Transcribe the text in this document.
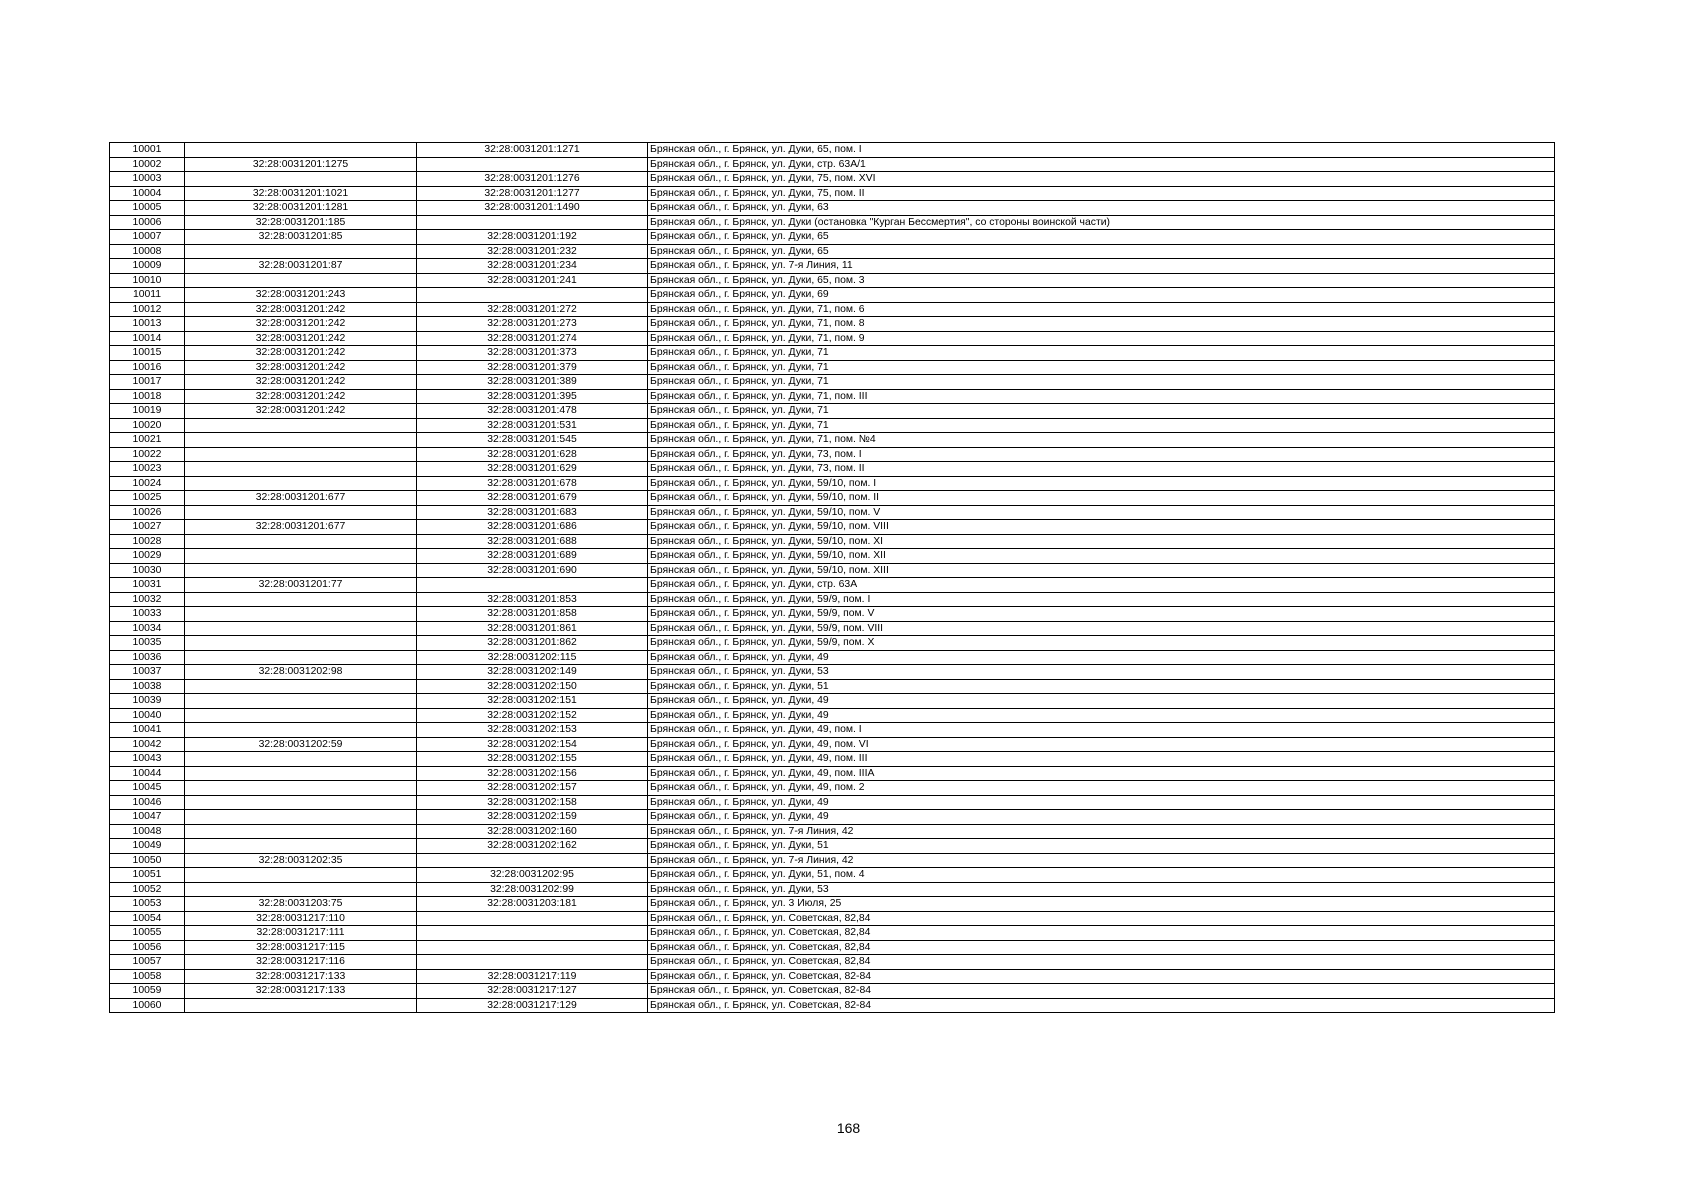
10001		32:28:0031201:1271	Брянская обл., г. Брянск, ул. Дуки, 65, пом. I
10002	32:28:0031201:1275		Брянская обл., г. Брянск, ул. Дуки, стр. 63А/1
10003		32:28:0031201:1276	Брянская обл., г. Брянск, ул. Дуки, 75, пом. XVI
10004	32:28:0031201:1021	32:28:0031201:1277	Брянская обл., г. Брянск, ул. Дуки, 75, пом. II
10005	32:28:0031201:1281	32:28:0031201:1490	Брянская обл., г. Брянск, ул. Дуки, 63
10006	32:28:0031201:185		Брянская обл., г. Брянск, ул. Дуки (остановка "Курган Бессмертия", со стороны воинской части)
10007	32:28:0031201:85	32:28:0031201:192	Брянская обл., г. Брянск, ул. Дуки, 65
10008		32:28:0031201:232	Брянская обл., г. Брянск, ул. Дуки, 65
10009	32:28:0031201:87	32:28:0031201:234	Брянская обл., г. Брянск, ул. 7-я Линия, 11
10010		32:28:0031201:241	Брянская обл., г. Брянск, ул. Дуки, 65, пом. 3
10011	32:28:0031201:243		Брянская обл., г. Брянск, ул. Дуки, 69
10012	32:28:0031201:242	32:28:0031201:272	Брянская обл., г. Брянск, ул. Дуки, 71, пом. 6
10013	32:28:0031201:242	32:28:0031201:273	Брянская обл., г. Брянск, ул. Дуки, 71, пом. 8
10014	32:28:0031201:242	32:28:0031201:274	Брянская обл., г. Брянск, ул. Дуки, 71, пом. 9
10015	32:28:0031201:242	32:28:0031201:373	Брянская обл., г. Брянск, ул. Дуки, 71
10016	32:28:0031201:242	32:28:0031201:379	Брянская обл., г. Брянск, ул. Дуки, 71
10017	32:28:0031201:242	32:28:0031201:389	Брянская обл., г. Брянск, ул. Дуки, 71
10018	32:28:0031201:242	32:28:0031201:395	Брянская обл., г. Брянск, ул. Дуки, 71, пом. III
10019	32:28:0031201:242	32:28:0031201:478	Брянская обл., г. Брянск, ул. Дуки, 71
10020		32:28:0031201:531	Брянская обл., г. Брянск, ул. Дуки, 71
10021		32:28:0031201:545	Брянская обл., г. Брянск, ул. Дуки, 71, пом. №4
10022		32:28:0031201:628	Брянская обл., г. Брянск, ул. Дуки, 73, пом. I
10023		32:28:0031201:629	Брянская обл., г. Брянск, ул. Дуки, 73, пом. II
10024		32:28:0031201:678	Брянская обл., г. Брянск, ул. Дуки, 59/10, пом. I
10025	32:28:0031201:677	32:28:0031201:679	Брянская обл., г. Брянск, ул. Дуки, 59/10, пом. II
10026		32:28:0031201:683	Брянская обл., г. Брянск, ул. Дуки, 59/10, пом. V
10027	32:28:0031201:677	32:28:0031201:686	Брянская обл., г. Брянск, ул. Дуки, 59/10, пом. VIII
10028		32:28:0031201:688	Брянская обл., г. Брянск, ул. Дуки, 59/10, пом. XI
10029		32:28:0031201:689	Брянская обл., г. Брянск, ул. Дуки, 59/10, пом. XII
10030		32:28:0031201:690	Брянская обл., г. Брянск, ул. Дуки, 59/10, пом. XIII
10031	32:28:0031201:77		Брянская обл., г. Брянск, ул. Дуки, стр. 63А
10032		32:28:0031201:853	Брянская обл., г. Брянск, ул. Дуки, 59/9, пом. I
10033		32:28:0031201:858	Брянская обл., г. Брянск, ул. Дуки, 59/9, пом. V
10034		32:28:0031201:861	Брянская обл., г. Брянск, ул. Дуки, 59/9, пом. VIII
10035		32:28:0031201:862	Брянская обл., г. Брянск, ул. Дуки, 59/9, пом. X
10036		32:28:0031202:115	Брянская обл., г. Брянск, ул. Дуки, 49
10037	32:28:0031202:98	32:28:0031202:149	Брянская обл., г. Брянск, ул. Дуки, 53
10038		32:28:0031202:150	Брянская обл., г. Брянск, ул. Дуки, 51
10039		32:28:0031202:151	Брянская обл., г. Брянск, ул. Дуки, 49
10040		32:28:0031202:152	Брянская обл., г. Брянск, ул. Дуки, 49
10041		32:28:0031202:153	Брянская обл., г. Брянск, ул. Дуки, 49, пом. I
10042	32:28:0031202:59	32:28:0031202:154	Брянская обл., г. Брянск, ул. Дуки, 49, пом. VI
10043		32:28:0031202:155	Брянская обл., г. Брянск, ул. Дуки, 49, пом. III
10044		32:28:0031202:156	Брянская обл., г. Брянск, ул. Дуки, 49, пом. IIIА
10045		32:28:0031202:157	Брянская обл., г. Брянск, ул. Дуки, 49, пом. 2
10046		32:28:0031202:158	Брянская обл., г. Брянск, ул. Дуки, 49
10047		32:28:0031202:159	Брянская обл., г. Брянск, ул. Дуки, 49
10048		32:28:0031202:160	Брянская обл., г. Брянск, ул. 7-я Линия, 42
10049		32:28:0031202:162	Брянская обл., г. Брянск, ул. Дуки, 51
10050	32:28:0031202:35		Брянская обл., г. Брянск, ул. 7-я Линия, 42
10051		32:28:0031202:95	Брянская обл., г. Брянск, ул. Дуки, 51, пом. 4
10052		32:28:0031202:99	Брянская обл., г. Брянск, ул. Дуки, 53
10053	32:28:0031203:75	32:28:0031203:181	Брянская обл., г. Брянск, ул. 3 Июля, 25
10054	32:28:0031217:110		Брянская обл., г. Брянск, ул. Советская, 82,84
10055	32:28:0031217:111		Брянская обл., г. Брянск, ул. Советская, 82,84
10056	32:28:0031217:115		Брянская обл., г. Брянск, ул. Советская, 82,84
10057	32:28:0031217:116		Брянская обл., г. Брянск, ул. Советская, 82,84
10058	32:28:0031217:133	32:28:0031217:119	Брянская обл., г. Брянск, ул. Советская, 82-84
10059	32:28:0031217:133	32:28:0031217:127	Брянская обл., г. Брянск, ул. Советская, 82-84
10060		32:28:0031217:129	Брянская обл., г. Брянск, ул. Советская, 82-84
168
